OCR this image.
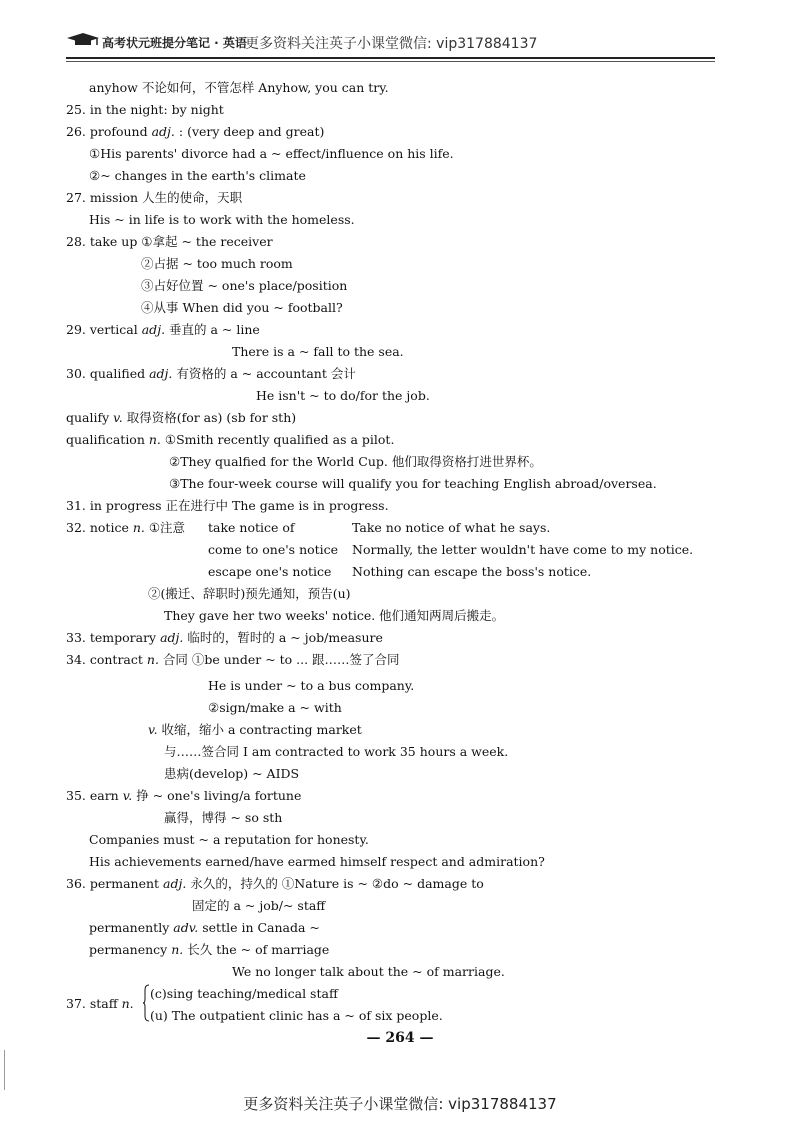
高考状元班提分笔记 · 英语
更多资料关注英子小课堂微信: vip317884137
anyhow 不论如何，不管怎样 Anyhow, you can try.
25. in the night: by night
26. profound adj. : (very deep and great)
①His parents' divorce had a ~ effect/influence on his life.
②~ changes in the earth's climate
27. mission 人生的使命，天职
His ~ in life is to work with the homeless.
28. take up ①拿起 ~ the receiver
②占据 ~ too much room
③占好位置 ~ one's place/position
④从事 When did you ~ football?
29. vertical adj. 垂直的 a ~ line
There is a ~ fall to the sea.
30. qualified adj. 有资格的 a ~ accountant 会计
He isn't ~ to do/for the job.
qualify v. 取得资格(for as) (sb for sth)
qualification n. ①Smith recently qualified as a pilot.
②They qualfied for the World Cup. 他们取得资格打进世界杯。
③The four-week course will qualify you for teaching English abroad/oversea.
31. in progress 正在进行中 The game is in progress.
32. notice n. ①注意 take notice of	Take no notice of what he says.
come to one's notice Normally, the letter wouldn't have come to my notice.
escape one's notice Nothing can escape the boss's notice.
②(搬迁、辞职时)预先通知，预告(u)
They gave her two weeks' notice. 他们通知两周后搬走。
33. temporary adj. 临时的，暂时的 a ~ job/measure
34. contract n. 合同 ①be under ~ to ... 跟……签了合同
He is under ~ to a bus company.
②sign/make a ~ with
v. 收缩，缩小 a contracting market
与……签合同 I am contracted to work 35 hours a week.
患病(develop) ~ AIDS
35. earn v. 挣 ~ one's living/a fortune
赢得，博得 ~ so sth
Companies must ~ a reputation for honesty.
His achievements earned/have earmed himself respect and admiration?
36. permanent adj. 永久的，持久的 ①Nature is ~ ②do ~ damage to
固定的 a ~ job/~ staff
permanently adv. settle in Canada ~
permanency n. 长久 the ~ of marriage
We no longer talk about the ~ of marriage.
37. staff n.
(c)sing teaching/medical staff
(u) The outpatient clinic has a ~ of six people.
— 264 —
更多资料关注英子小课堂微信: vip317884137
